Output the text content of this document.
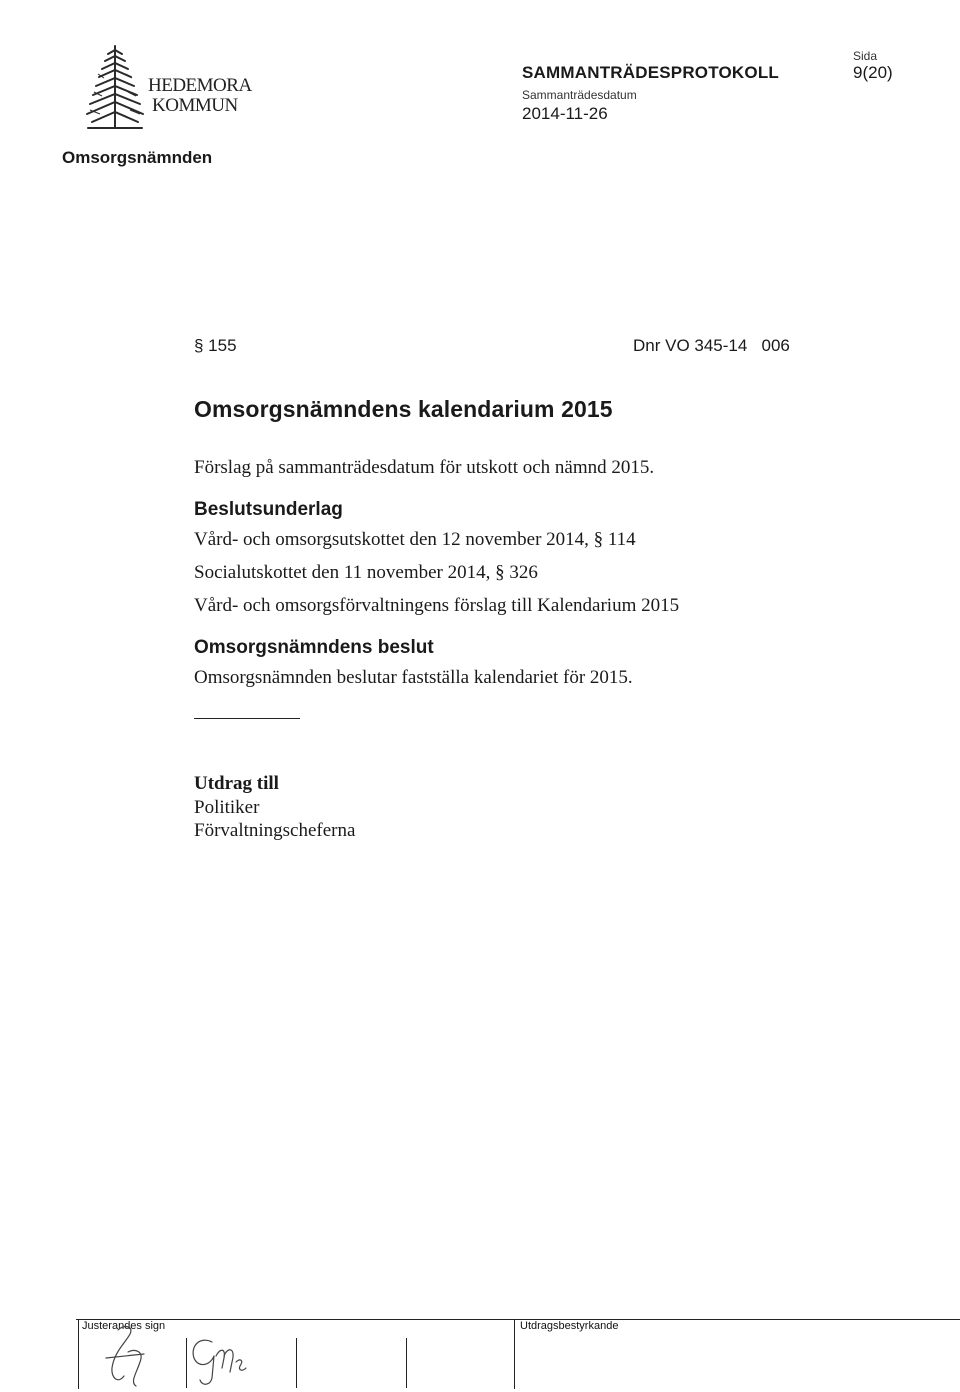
HEDEMORA
KOMMUN
SAMMANTRÄDESPROTOKOLL
Sammanträdesdatum
2014-11-26
Sida
9(20)
Omsorgsnämnden
§ 155	Dnr VO 345-14   006
Omsorgsnämndens kalendarium 2015
Förslag på sammanträdesdatum för utskott och nämnd 2015.
Beslutsunderlag
Vård- och omsorgsutskottet den 12 november 2014, § 114
Socialutskottet den 11 november 2014, § 326
Vård- och omsorgsförvaltningens förslag till Kalendarium 2015
Omsorgsnämndens beslut
Omsorgsnämnden beslutar fastställa kalendariet för 2015.
Utdrag till
Politiker
Förvaltningscheferna
Justerandes sign	Utdragsbestyrkande
